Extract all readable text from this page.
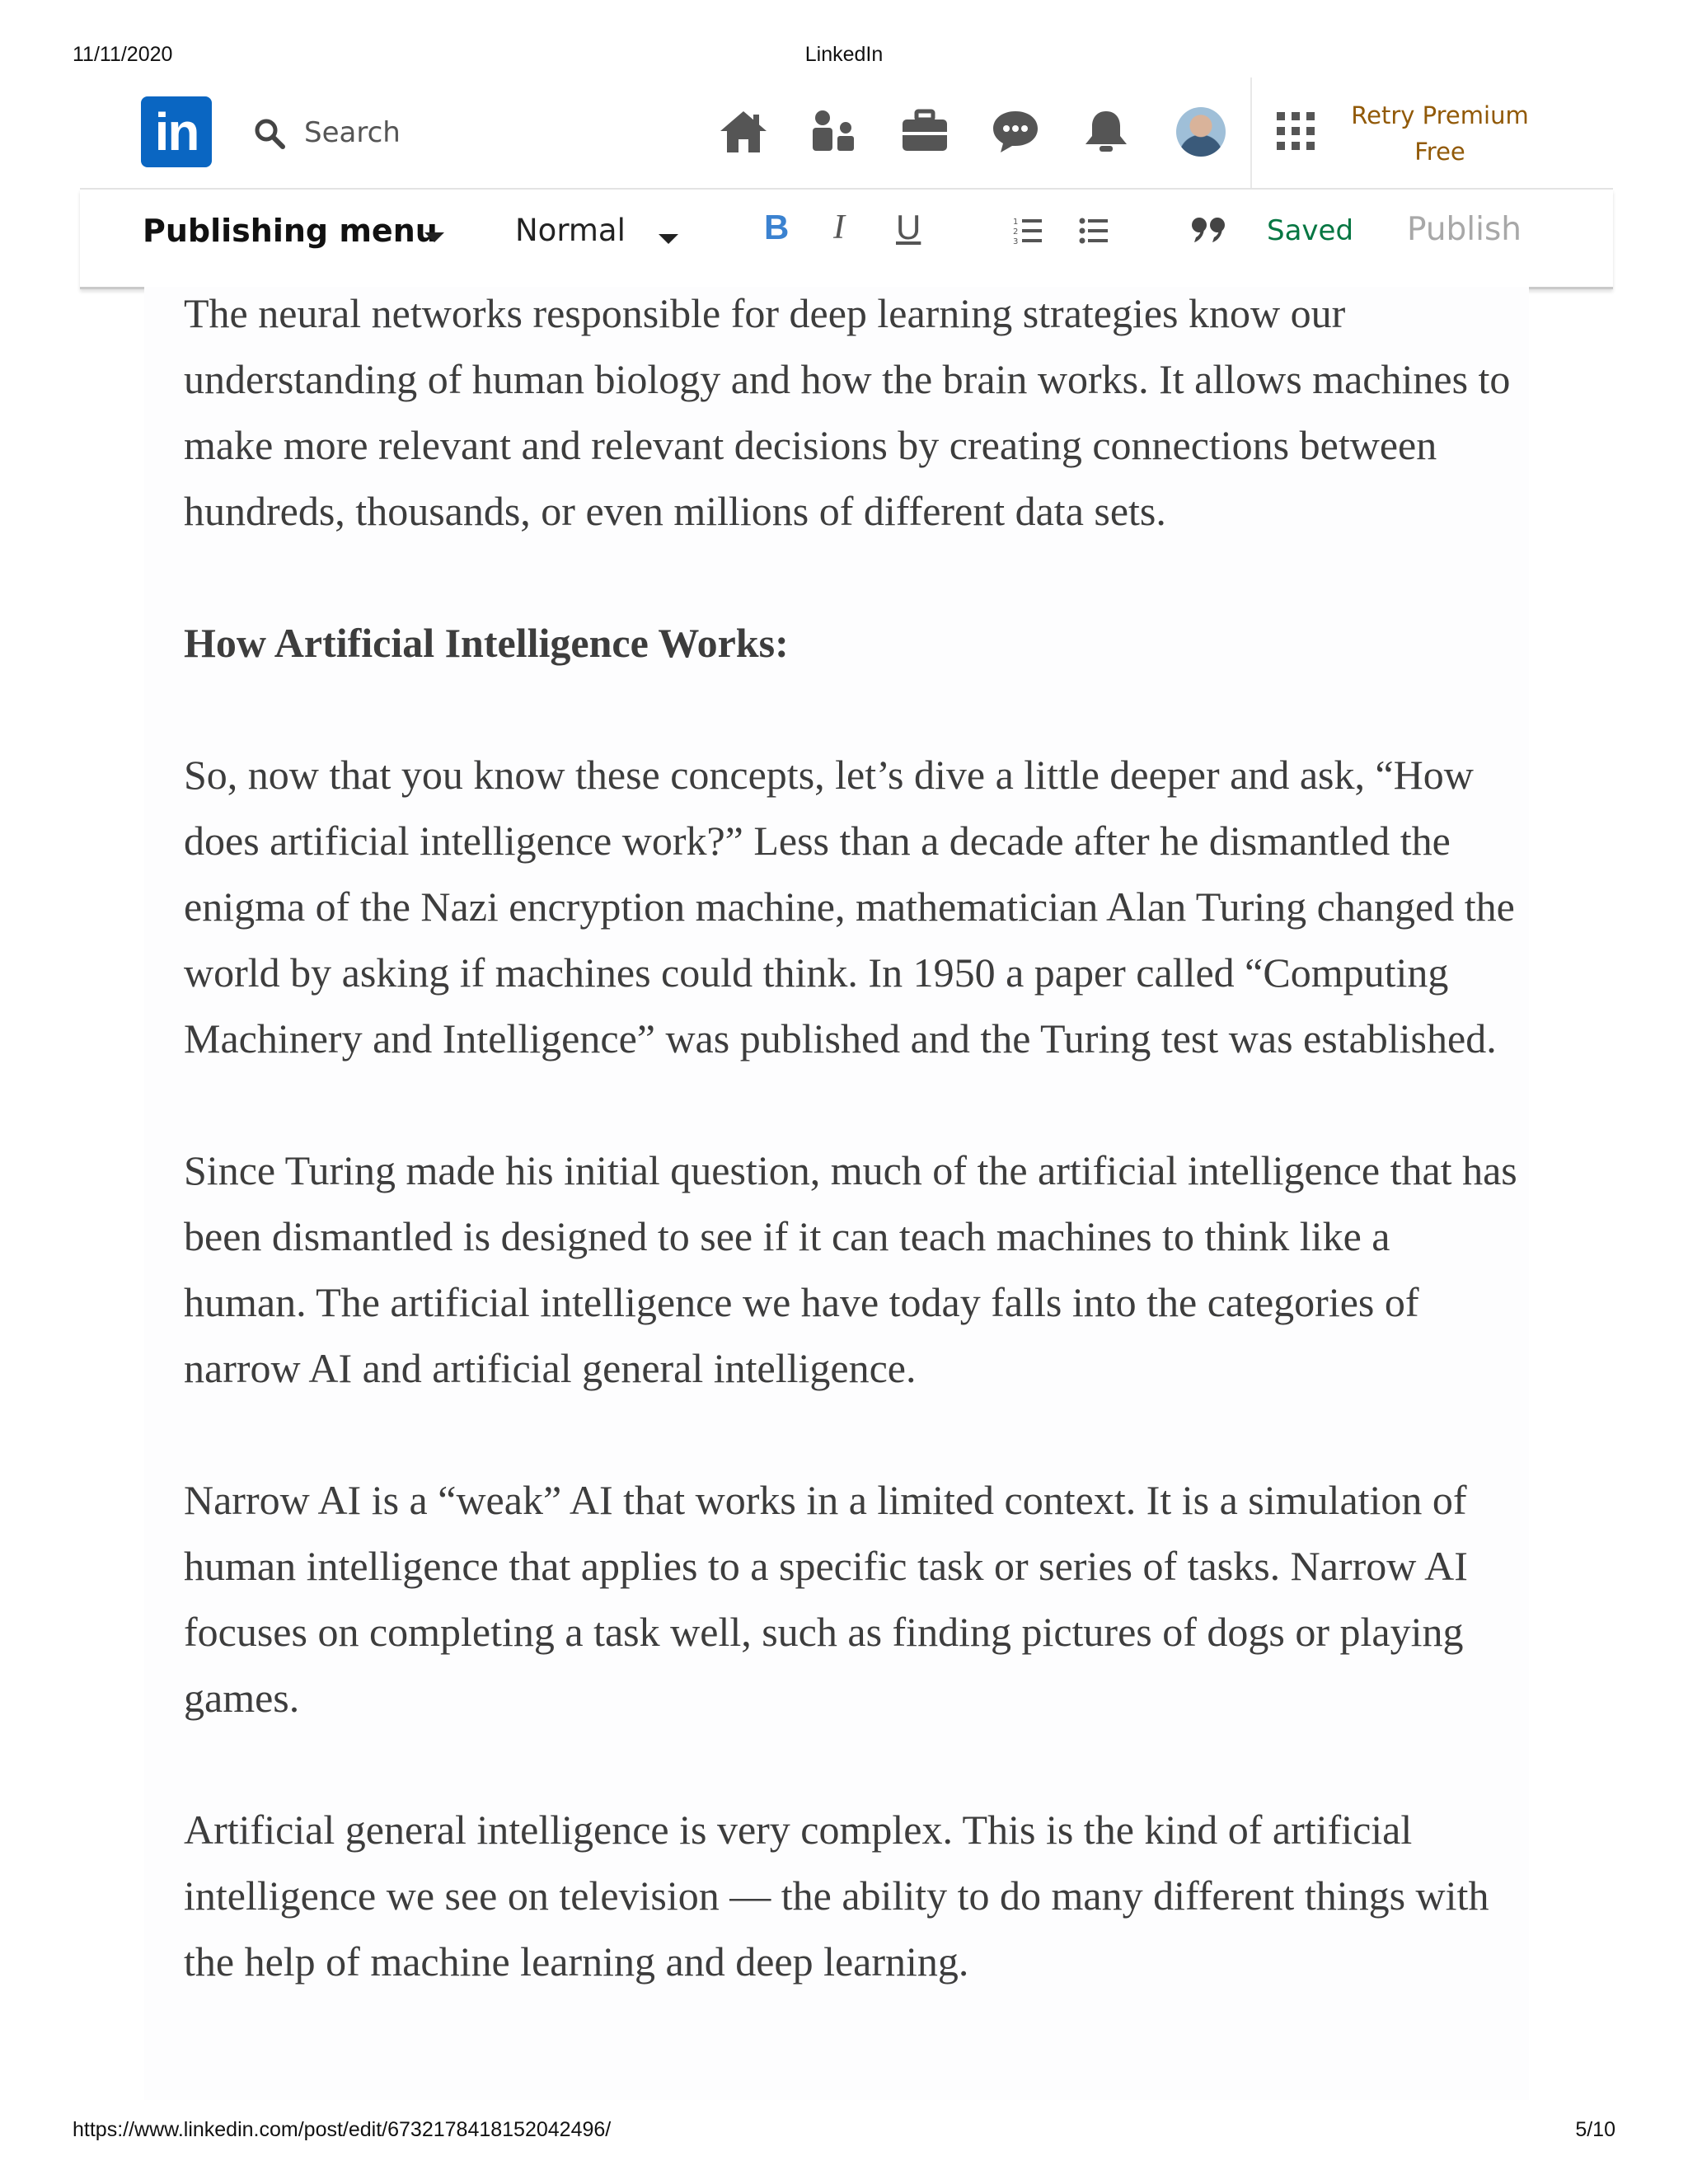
11/11/2020	LinkedIn
in
Search	Retry Premium
Free
Publishing menu	Normal	B I U	1
2
3	Saved Publish

The neural networks responsible for deep learning strategies know our understanding of human biology and how the brain works. It allows machines to make more relevant and relevant decisions by creating connections between hundreds, thousands, or even millions of different data sets.

How Artificial Intelligence Works:

So, now that you know these concepts, let’s dive a little deeper and ask, “How does artificial intelligence work?” Less than a decade after he dismantled the enigma of the Nazi encryption machine, mathematician Alan Turing changed the world by asking if machines could think. In 1950 a paper called “Computing Machinery and Intelligence” was published and the Turing test was established.

Since Turing made his initial question, much of the artificial intelligence that has been dismantled is designed to see if it can teach machines to think like a human. The artificial intelligence we have today falls into the categories of narrow AI and artificial general intelligence.

Narrow AI is a “weak” AI that works in a limited context. It is a simulation of human intelligence that applies to a specific task or series of tasks. Narrow AI focuses on completing a task well, such as finding pictures of dogs or playing games.

Artificial general intelligence is very complex. This is the kind of artificial intelligence we see on television — the ability to do many different things with the help of machine learning and deep learning.

https://www.linkedin.com/post/edit/6732178418152042496/	5/10
